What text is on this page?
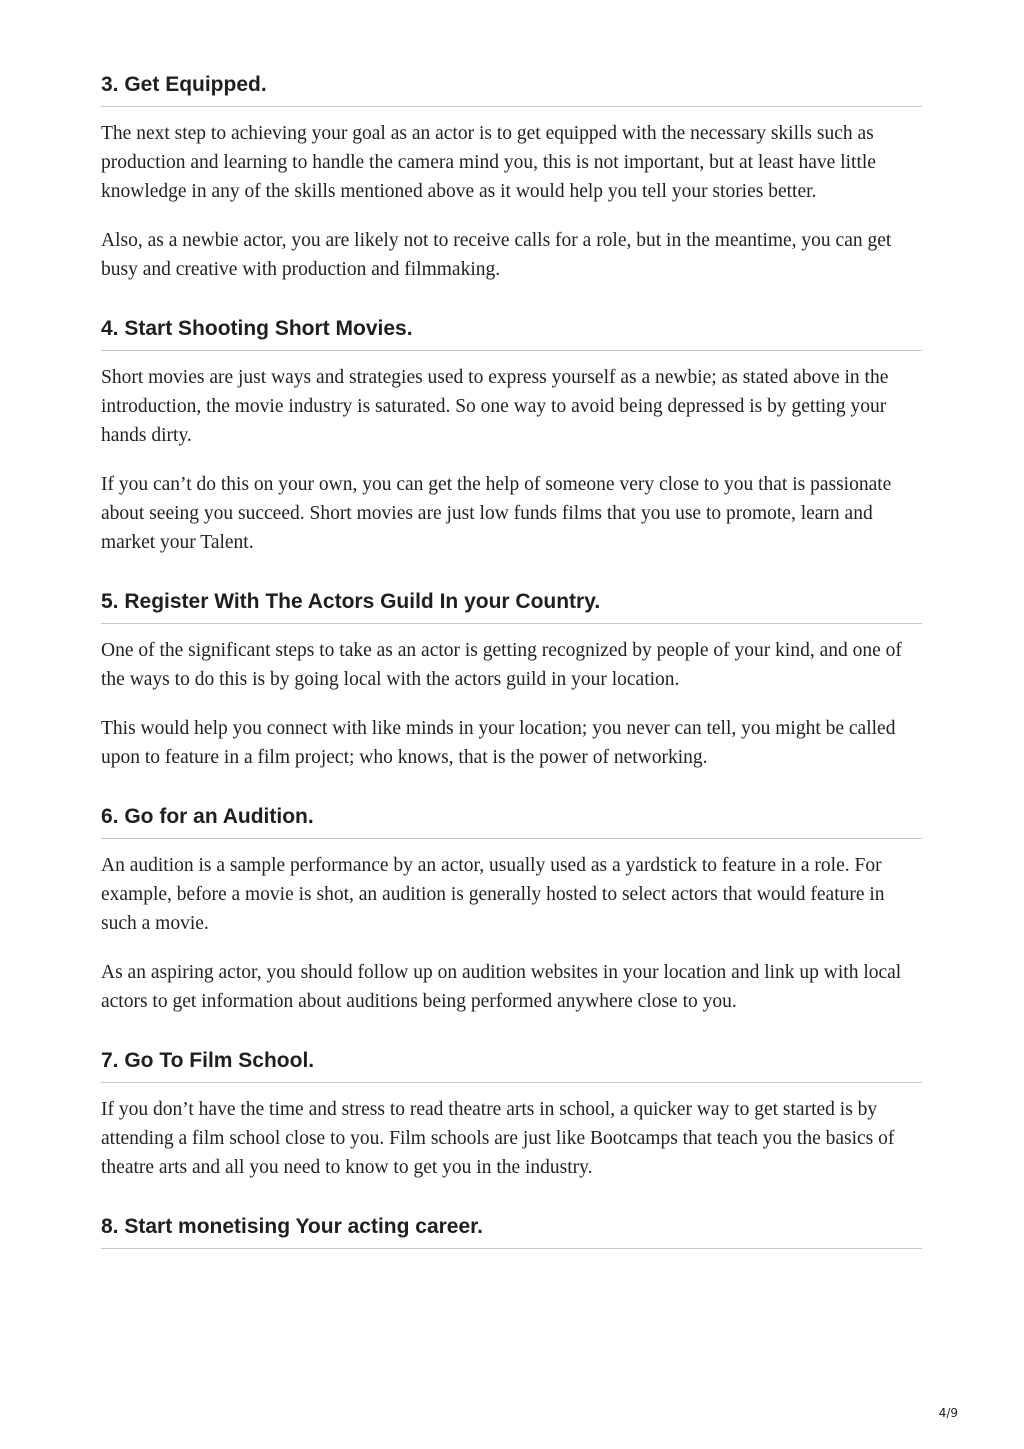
3. Get Equipped.

The next step to achieving your goal as an actor is to get equipped with the necessary skills such as production and learning to handle the camera mind you, this is not important, but at least have little knowledge in any of the skills mentioned above as it would help you tell your stories better.

Also, as a newbie actor, you are likely not to receive calls for a role, but in the meantime, you can get busy and creative with production and filmmaking.

4. Start Shooting Short Movies.

Short movies are just ways and strategies used to express yourself as a newbie; as stated above in the introduction, the movie industry is saturated. So one way to avoid being depressed is by getting your hands dirty.

If you can’t do this on your own, you can get the help of someone very close to you that is passionate about seeing you succeed. Short movies are just low funds films that you use to promote, learn and market your Talent.

5. Register With The Actors Guild In your Country.

One of the significant steps to take as an actor is getting recognized by people of your kind, and one of the ways to do this is by going local with the actors guild in your location.

This would help you connect with like minds in your location; you never can tell, you might be called upon to feature in a film project; who knows, that is the power of networking.

6. Go for an Audition.

An audition is a sample performance by an actor, usually used as a yardstick to feature in a role. For example, before a movie is shot, an audition is generally hosted to select actors that would feature in such a movie.

As an aspiring actor, you should follow up on audition websites in your location and link up with local actors to get information about auditions being performed anywhere close to you.

7. Go To Film School.

If you don’t have the time and stress to read theatre arts in school, a quicker way to get started is by attending a film school close to you. Film schools are just like Bootcamps that teach you the basics of theatre arts and all you need to know to get you in the industry.

8. Start monetising Your acting career.
4/9
